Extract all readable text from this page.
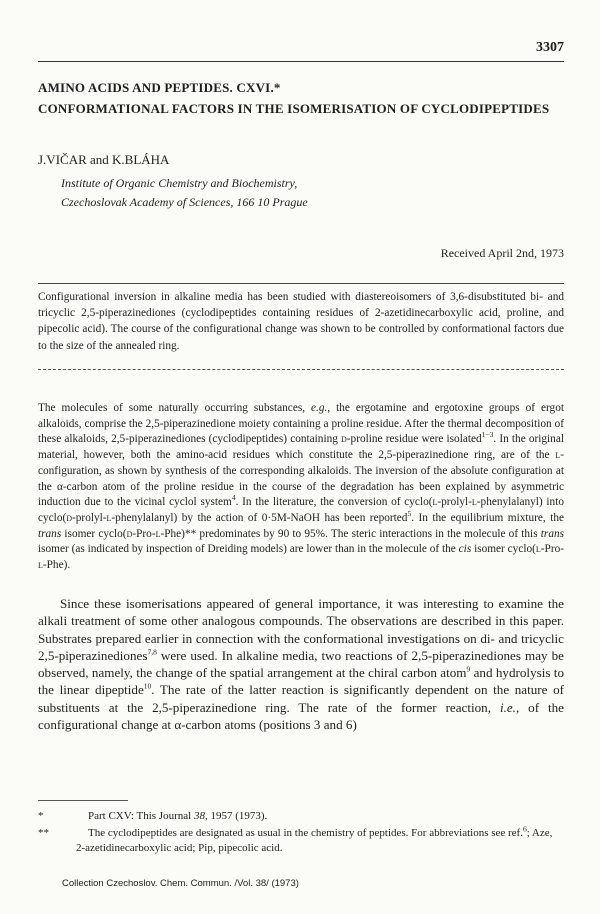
3307
AMINO ACIDS AND PEPTIDES. CXVI.*
CONFORMATIONAL FACTORS IN THE ISOMERISATION OF CYCLODIPEPTIDES
J.VIČAR and K.BLÁHA
Institute of Organic Chemistry and Biochemistry,
Czechoslovak Academy of Sciences, 166 10 Prague
Received April 2nd, 1973
Configurational inversion in alkaline media has been studied with diastereoisomers of 3,6-disubstituted bi- and tricyclic 2,5-piperazinediones (cyclodipeptides containing residues of 2-azetidinecarboxylic acid, proline, and pipecolic acid). The course of the configurational change was shown to be controlled by conformational factors due to the size of the annealed ring.
The molecules of some naturally occurring substances, e.g., the ergotamine and ergotoxine groups of ergot alkaloids, comprise the 2,5-piperazinedione moiety containing a proline residue. After the thermal decomposition of these alkaloids, 2,5-piperazinediones (cyclodipeptides) containing d-proline residue were isolated$^{1-3}$. In the original material, however, both the amino-acid residues which constitute the 2,5-piperazinedione ring, are of the l-configuration, as shown by synthesis of the corresponding alkaloids. The inversion of the absolute configuration at the α-carbon atom of the proline residue in the course of the degradation has been explained by asymmetric induction due to the vicinal cyclol system$^4$. In the literature, the conversion of cyclo(l-prolyl-l-phenylalanyl) into cyclo(d-prolyl-l-phenylalanyl) by the action of 0·5M-NaOH has been reported$^5$. In the equilibrium mixture, the trans isomer cyclo(d-Pro-l-Phe)** predominates by 90 to 95%. The steric interactions in the molecule of this trans isomer (as indicated by inspection of Dreiding models) are lower than in the molecule of the cis isomer cyclo(l-Pro-l-Phe).
Since these isomerisations appeared of general importance, it was interesting to examine the alkali treatment of some other analogous compounds. The observations are described in this paper. Substrates prepared earlier in connection with the conformational investigations on di- and tricyclic 2,5-piperazinediones$^{7,8}$ were used. In alkaline media, two reactions of 2,5-piperazinediones may be observed, namely, the change of the spatial arrangement at the chiral carbon atom$^9$ and hydrolysis to the linear dipeptide$^{10}$. The rate of the latter reaction is significantly dependent on the nature of substituents at the 2,5-piperazinedione ring. The rate of the former reaction, i.e., of the configurational change at α-carbon atoms (positions 3 and 6)
*	Part CXV: This Journal 38, 1957 (1973).
**	The cyclodipeptides are designated as usual in the chemistry of peptides. For abbreviations see ref.$^6$; Aze, 2-azetidinecarboxylic acid; Pip, pipecolic acid.
Collection Czechoslov. Chem. Commun. /Vol. 38/ (1973)
